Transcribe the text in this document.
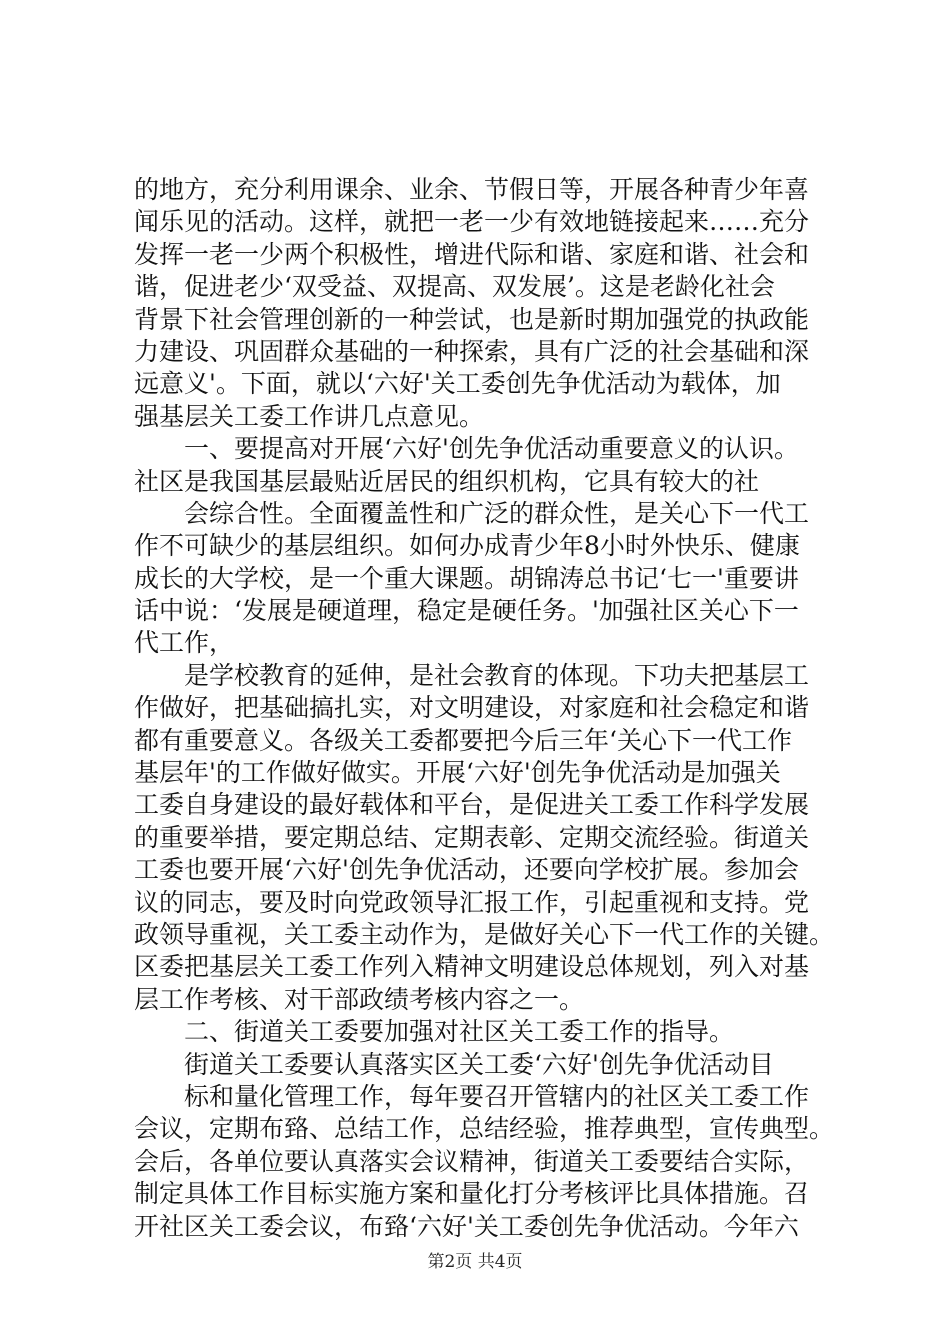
的地方，充分利用课余、业余、节假日等，开展各种青少年喜
闻乐见的活动。这样，就把一老一少有效地链接起来……充分
发挥一老一少两个积极性，增进代际和谐、家庭和谐、社会和
谐，促进老少‘双受益、双提高、双发展’。这是老龄化社会
背景下社会管理创新的一种尝试，也是新时期加强党的执政能
力建设、巩固群众基础的一种探索，具有广泛的社会基础和深
远意义'。下面，就以‘六好'关工委创先争优活动为载体，加
强基层关工委工作讲几点意见。
一、要提高对开展‘六好'创先争优活动重要意义的认识。
社区是我国基层最贴近居民的组织机构，它具有较大的社
会综合性。全面覆盖性和广泛的群众性，是关心下一代工
作不可缺少的基层组织。如何办成青少年8小时外快乐、健康
成长的大学校，是一个重大课题。胡锦涛总书记‘七一'重要讲
话中说：‘发展是硬道理，稳定是硬任务。'加强社区关心下一
代工作，
是学校教育的延伸，是社会教育的体现。下功夫把基层工
作做好，把基础搞扎实，对文明建设，对家庭和社会稳定和谐
都有重要意义。各级关工委都要把今后三年‘关心下一代工作
基层年'的工作做好做实。开展‘六好'创先争优活动是加强关
工委自身建设的最好载体和平台，是促进关工委工作科学发展
的重要举措，要定期总结、定期表彰、定期交流经验。街道关
工委也要开展‘六好'创先争优活动，还要向学校扩展。参加会
议的同志，要及时向党政领导汇报工作，引起重视和支持。党
政领导重视，关工委主动作为，是做好关心下一代工作的关键。
区委把基层关工委工作列入精神文明建设总体规划，列入对基
层工作考核、对干部政绩考核内容之一。
二、街道关工委要加强对社区关工委工作的指导。
街道关工委要认真落实区关工委‘六好'创先争优活动目
标和量化管理工作，每年要召开管辖内的社区关工委工作
会议，定期布臵、总结工作，总结经验，推荐典型，宣传典型。
会后，各单位要认真落实会议精神，街道关工委要结合实际，
制定具体工作目标实施方案和量化打分考核评比具体措施。召
开社区关工委会议，布臵‘六好'关工委创先争优活动。今年六
第2页 共4页
